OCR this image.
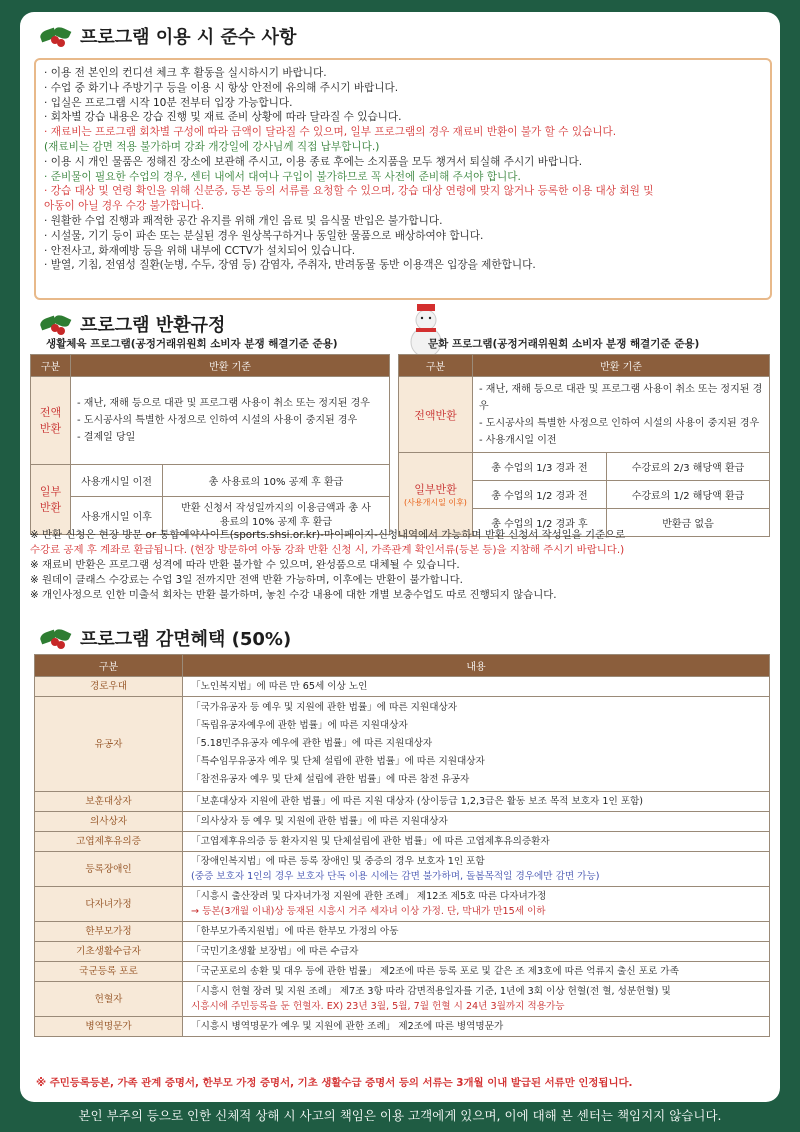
프로그램 이용 시 준수 사항

· 이용 전 본인의 컨디션 체크 후 활동을 실시하시기 바랍니다.

· 수업 중 화기나 주방기구 등을 이용 시 항상 안전에 유의해 주시기 바랍니다.

· 입실은 프로그램 시작 10분 전부터 입장 가능합니다.

· 회차별 강습 내용은 강습 진행 및 재료 준비 상황에 따라 달라질 수 있습니다.

· 재료비는 프로그램 회차별 구성에 따라 금액이 달라질 수 있으며, 일부 프로그램의 경우 재료비 반환이 불가 할 수 있습니다.

(재료비는 감면 적용 불가하며 강좌 개강일에 강사님께 직접 납부합니다.)

· 이용 시 개인 물품은 정해진 장소에 보관해 주시고, 이용 종료 후에는 소지품을 모두 챙겨서 퇴실해 주시기 바랍니다.

· 준비물이 필요한 수업의 경우, 센터 내에서 대여나 구입이 불가하므로 꼭 사전에 준비해 주셔야 합니다.

· 강습 대상 및 연령 확인을 위해 신분증, 등본 등의 서류를 요청할 수 있으며, 강습 대상 연령에 맞지 않거나 등록한 이용 대상 회원 및

아동이 아닐 경우 수강 불가합니다.

· 원활한 수업 진행과 쾌적한 공간 유지를 위해 개인 음료 및 음식물 반입은 불가합니다.

· 시설물, 기기 등이 파손 또는 분실된 경우 원상복구하거나 동일한 물품으로 배상하여야 합니다.

· 안전사고, 화재예방 등을 위해 내부에 CCTV가 설치되어 있습니다.

· 발열, 기침, 전염성 질환(눈병, 수두, 장염 등) 감염자, 주취자, 반려동물 동반 이용객은 입장을 제한합니다.

프로그램 반환규정
생활체육 프로그램(공정거래위원회 소비자 분쟁 해결기준 준용)	문화 프로그램(공정거래위원회 소비자 분쟁 해결기준 준용)
구분	반환 기준	
전액 반환	- 재난, 재해 등으로 대관 및 프로그램 사용이 취소 또는 정지된 경우
- 도시공사의 특별한 사정으로 인하여 시설의 사용이 중지된 경우
- 결제일 당일	

일부 반환	사용개시일 이전	총 사용료의 10% 공제 후 환급
	사용개시일 이후	반환 신청서 작성일까지의 이용금액과 총 사용료의 10% 공제 후 환급
구분	반환 기준	
전액반환	- 재난, 재해 등으로 대관 및 프로그램 사용이 취소 또는 정지된 경우
- 도시공사의 특별한 사정으로 인하여 시설의 사용이 중지된 경우
- 사용개시일 이전	

일부반환
(사용개시일 이후)	총 수업의 1/3 경과 전	수강료의 2/3 해당액 환급
	총 수업의 1/2 경과 전	수강료의 1/2 해당액 환급
	총 수업의 1/2 경과 후	반환금 없음

※ 반환 신청은 현장 방문 or 통합예약사이트(sports.shsi.or.kr)-마이페이지-신청내역에서 가능하며 반환 신청서 작성일을 기준으로

수강료 공제 후 계좌로 환급됩니다. (현장 방문하여 아동 강좌 반환 신청 시, 가족관계 확인서류(등본 등)을 지참해 주시기 바랍니다.)

※ 재료비 반환은 프로그램 성격에 따라 반환 불가할 수 있으며, 완성품으로 대체될 수 있습니다.

※ 원데이 클래스 수강료는 수업 3일 전까지만 전액 반환 가능하며, 이후에는 반환이 불가합니다.

※ 개인사정으로 인한 미출석 회차는 반환 불가하며, 놓친 수강 내용에 대한 개별 보충수업도 따로 진행되지 않습니다.

프로그램 감면혜택 (50%)
구분	내용
경로우대	「노인복지법」에 따른 만 65세 이상 노인

유공자	「국가유공자 등 예우 및 지원에 관한 법률」에 따른 지원대상자
「독립유공자예우에 관한 법률」에 따른 지원대상자
「5.18민주유공자 예우에 관한 법률」에 따른 지원대상자
「특수임무유공자 예우 및 단체 설립에 관한 법률」에 따른 지원대상자
「참전유공자 예우 및 단체 설립에 관한 법률」에 따른 참전 유공자

보훈대상자	「보훈대상자 지원에 관한 법률」에 따른 지원 대상자 (상이등급 1,2,3급은 활동 보조 목적 보호자 1인 포함)

의사상자	「의사상자 등 예우 및 지원에 관한 법률」에 따른 지원대상자

고엽제후유의증	「고엽제후유의증 등 환자지원 및 단체설립에 관한 법률」에 따른 고엽제후유의증환자

등록장애인	「장애인복지법」에 따른 등록 장애인 및 중증의 경우 보호자 1인 포함
(중증 보호자 1인의 경우 보호자 단독 이용 시에는 감면 불가하며, 돌봄목적일 경우에만 감면 가능)

다자녀가정	「시흥시 출산장려 및 다자녀가정 지원에 관한 조례」 제12조 제5호 따른 다자녀가정
→ 등본(3개월 이내)상 등재된 시흥시 거주 세자녀 이상 가정. 단, 막내가 만15세 이하

한부모가정	「한부모가족지원법」에 따른 한부모 가정의 아동

기초생활수급자	「국민기초생활 보장법」에 따른 수급자

국군등록 포로	「국군포로의 송환 및 대우 등에 관한 법률」 제2조에 따른 등록 포로 및 같은 조 제3호에 따른 억류지 출신 포로 가족

헌혈자	「시흥시 헌혈 장려 및 지원 조례」 제7조 3항 따라 감면적용일자를 기준, 1년에 3회 이상 헌혈(전 혈, 성분헌혈) 및
시흥시에 주민등록을 둔 헌혈자. EX) 23년 3월, 5월, 7월 헌혈 시 24년 3월까지 적용가능

병역명문가	「시흥시 병역명문가 예우 및 지원에 관한 조례」 제2조에 따른 병역명문가
※ 주민등록등본, 가족 관계 증명서, 한부모 가정 증명서, 기초 생활수급 증명서 등의 서류는 3개월 이내 발급된 서류만 인정됩니다.
본인 부주의 등으로 인한 신체적 상해 시 사고의 책임은 이용 고객에게 있으며, 이에 대해 본 센터는 책임지지 않습니다.
